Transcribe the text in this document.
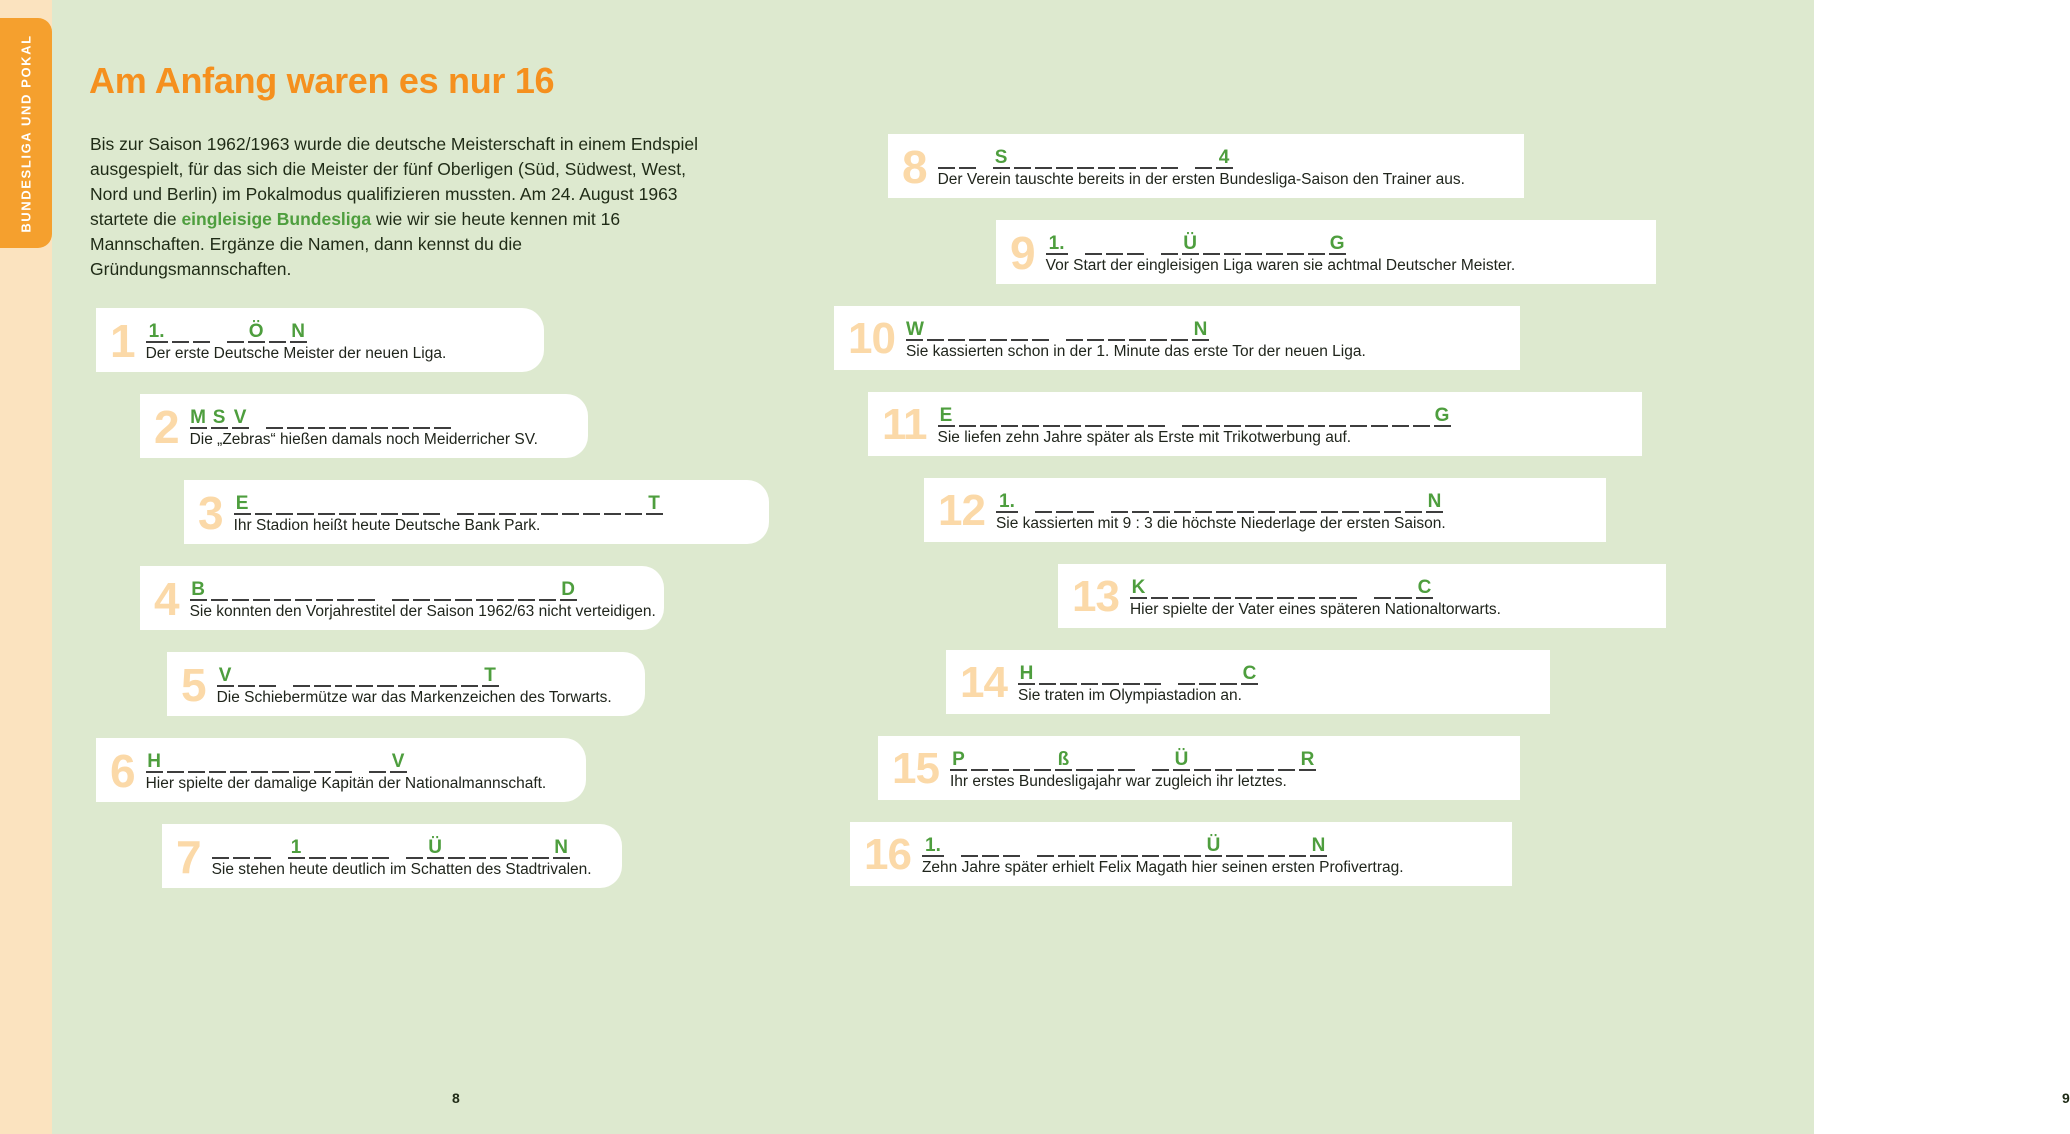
BUNDESLIGA UND POKAL Am Anfang waren es nur 16

Bis zur Saison 1962/1963 wurde die deutsche Meisterschaft in einem Endspiel ausgespielt, für das sich die Meister der fünf Oberligen (Süd, Südwest, West, Nord und Berlin) im Pokalmodus qualifizieren mussten. Am 24. August 1963 startete die eingleisige Bundesliga wie wir sie heute kennen mit 16 Mannschaften. Ergänze die Namen, dann kennst du die Gründungsmannschaften.

8	9
1 1.	Ö N
Der erste Deutsche Meister der neuen Liga.
2 M S V
Die „Zebras“ hießen damals noch Meiderricher SV.
3 E	T
Ihr Stadion heißt heute Deutsche Bank Park.
4 B	D
Sie konnten den Vorjahrestitel der Saison 1962/63 nicht verteidigen.
5 V	T
Die Schiebermütze war das Markenzeichen des Torwarts.
6 H	V
Hier spielte der damalige Kapitän der Nationalmannschaft.
7	1	Ü	N
Sie stehen heute deutlich im Schatten des Stadtrivalen.
8	S	4
Der Verein tauschte bereits in der ersten Bundesliga-Saison den Trainer aus.
9 1.	Ü	G
Vor Start der eingleisigen Liga waren sie achtmal Deutscher Meister.
10 W	N
Sie kassierten schon in der 1. Minute das erste Tor der neuen Liga.
11 E	G
Sie liefen zehn Jahre später als Erste mit Trikotwerbung auf.
12 1.	N
Sie kassierten mit 9 : 3 die höchste Niederlage der ersten Saison.
13 K	C
Hier spielte der Vater eines späteren Nationaltorwarts.
14 H	C
Sie traten im Olympiastadion an.
15 P	ß	Ü	R
Ihr erstes Bundesligajahr war zugleich ihr letztes.
16 1.	Ü	N
Zehn Jahre später erhielt Felix Magath hier seinen ersten Profivertrag.
